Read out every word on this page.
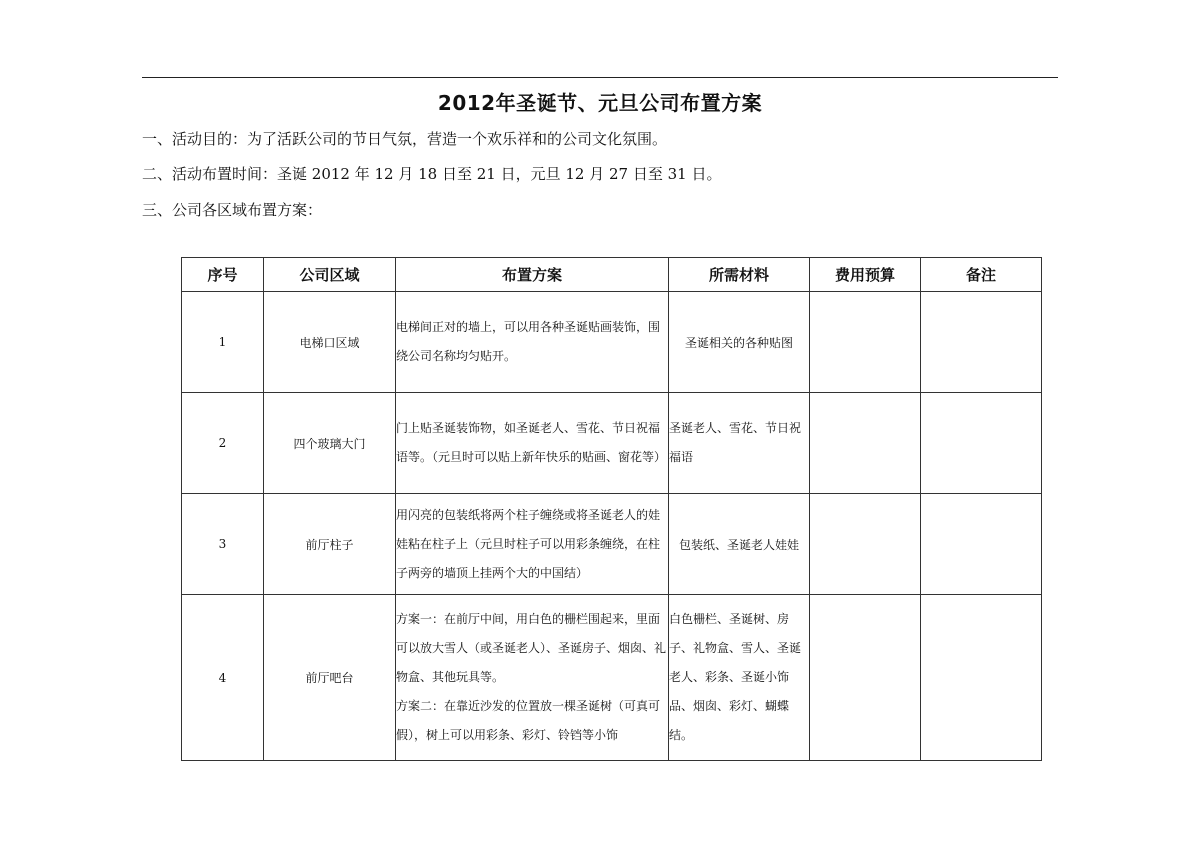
2012年圣诞节、元旦公司布置方案
一、活动目的：为了活跃公司的节日气氛，营造一个欢乐祥和的公司文化氛围。
二、活动布置时间：圣诞 2012 年 12 月 18 日至 21 日，元旦 12 月 27 日至 31 日。
三、公司各区域布置方案：
序号	公司区域	布置方案	所需材料	费用预算	备注
1	电梯口区域	电梯间正对的墙上，可以用各种圣诞贴画装饰，围绕公司名称均匀贴开。	圣诞相关的各种贴图		
2	四个玻璃大门	门上贴圣诞装饰物，如圣诞老人、雪花、节日祝福语等。（元旦时可以贴上新年快乐的贴画、窗花等）	圣诞老人、雪花、节日祝福语		
3	前厅柱子	用闪亮的包装纸将两个柱子缠绕或将圣诞老人的娃娃粘在柱子上（元旦时柱子可以用彩条缠绕，在柱子两旁的墙顶上挂两个大的中国结）	包装纸、圣诞老人娃娃		
4	前厅吧台	方案一：在前厅中间，用白色的栅栏围起来，里面可以放大雪人（或圣诞老人）、圣诞房子、烟囱、礼物盒、其他玩具等。
方案二：在靠近沙发的位置放一棵圣诞树（可真可假），树上可以用彩条、彩灯、铃铛等小饰	白色栅栏、圣诞树、房子、礼物盒、雪人、圣诞老人、彩条、圣诞小饰品、烟囱、彩灯、蝴蝶结。		
